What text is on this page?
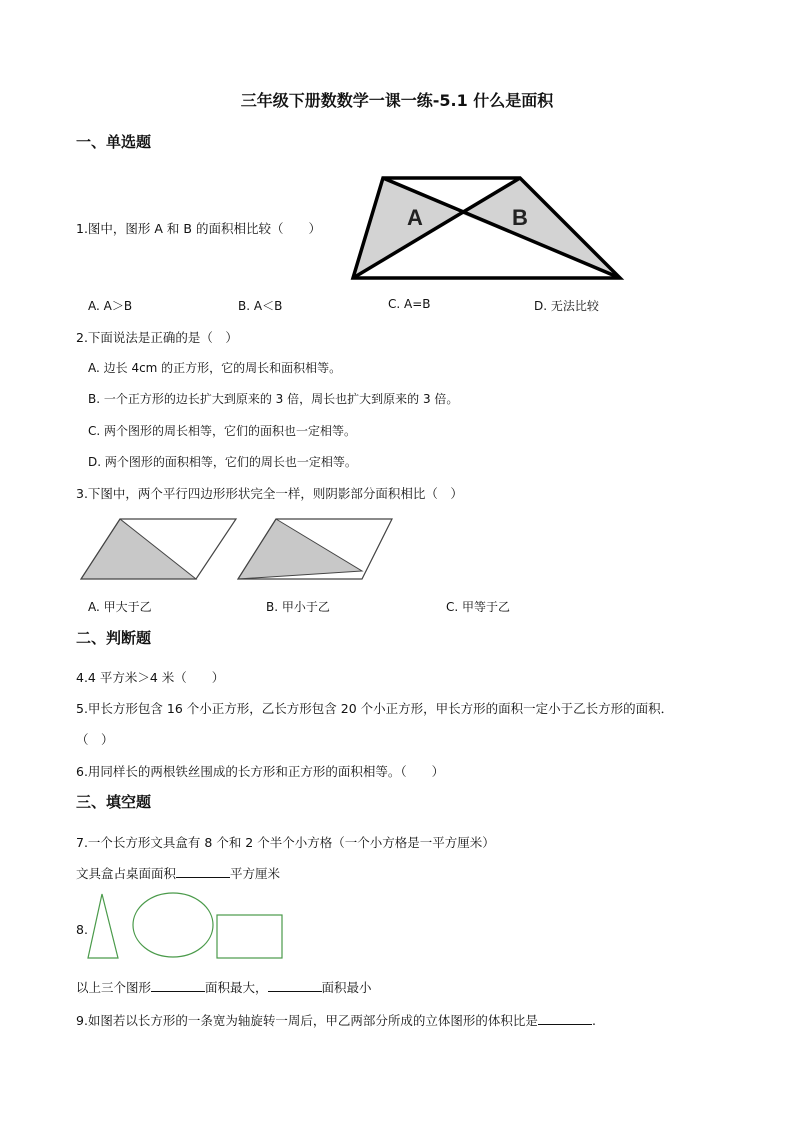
三年级下册数数学一课一练-5.1 什么是面积
一、单选题
1.图中，图形 A 和 B 的面积相比较（　　）	A	B
A. A＞B	B. A＜B	C. A=B	D. 无法比较
2.下面说法是正确的是（　）
A. 边长 4cm 的正方形，它的周长和面积相等。
B. 一个正方形的边长扩大到原来的 3 倍，周长也扩大到原来的 3 倍。
C. 两个图形的周长相等，它们的面积也一定相等。
D. 两个图形的面积相等，它们的周长也一定相等。
3.下图中，两个平行四边形形状完全一样，则阴影部分面积相比（　）
A. 甲大于乙	B. 甲小于乙	C. 甲等于乙
二、判断题
4.4 平方米＞4 米（　　）
5.甲长方形包含 16 个小正方形，乙长方形包含 20 个小正方形，甲长方形的面积一定小于乙长方形的面积．
（　）
6.用同样长的两根铁丝围成的长方形和正方形的面积相等。（　　）
三、填空题
7.一个长方形文具盒有 8 个和 2 个半个小方格（一个小方格是一平方厘米）
文具盒占桌面面积	平方厘米
8.
以上三个图形	面积最大，	面积最小
9.如图若以长方形的一条宽为轴旋转一周后，甲乙两部分所成的立体图形的体积比是	.
